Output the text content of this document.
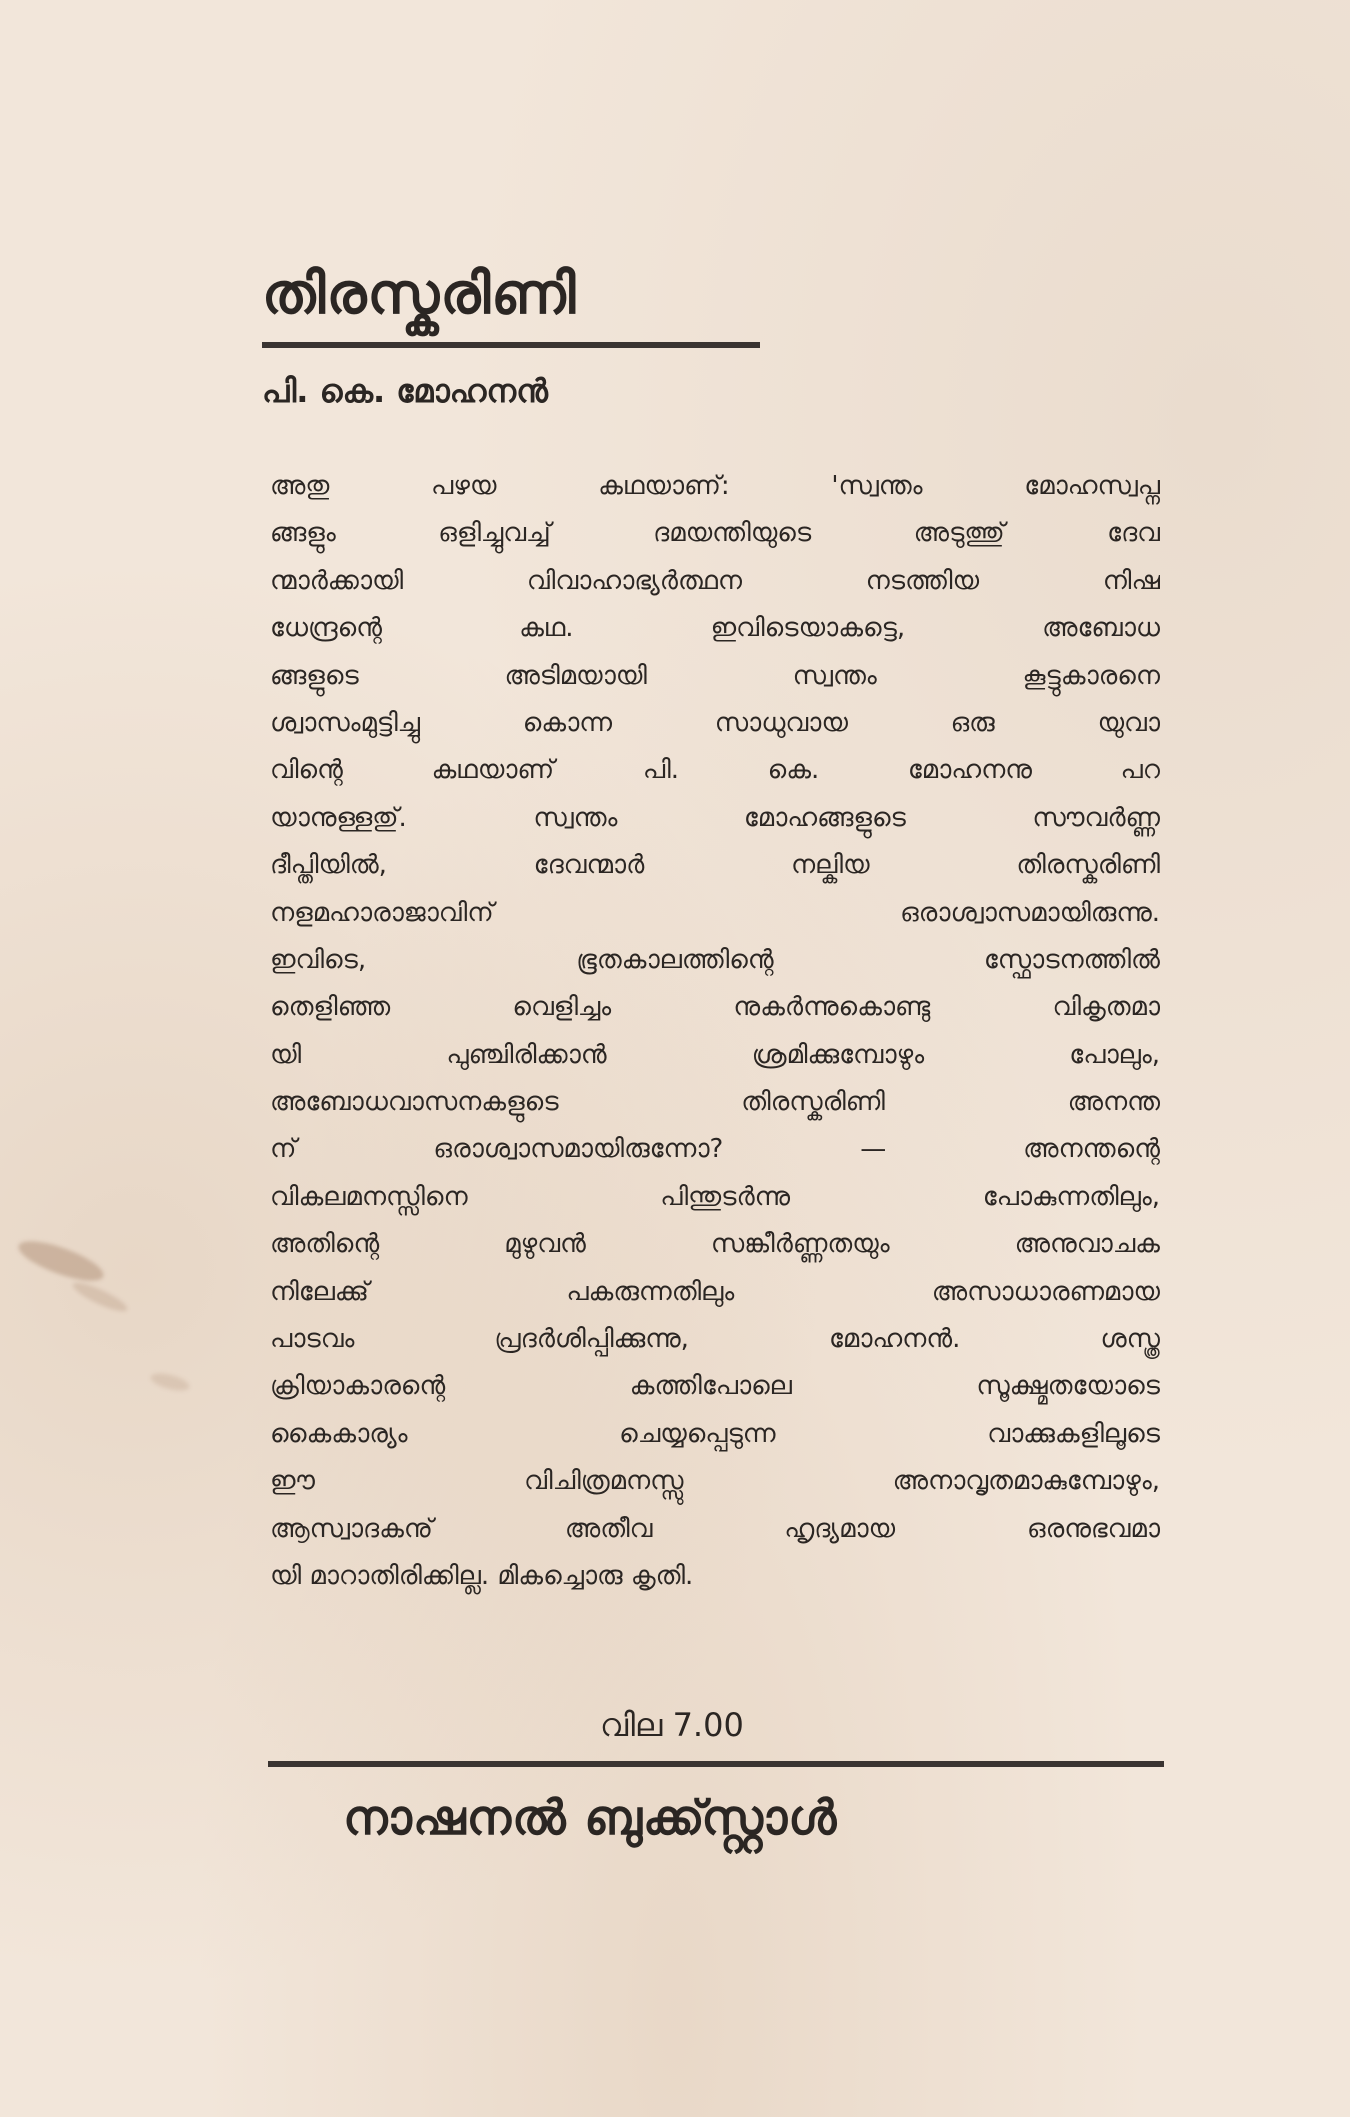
തിരസ്കരിണി
പി. കെ. മോഹനൻ
അതു പഴയ കഥയാണ്: 'സ്വന്തം മോഹസ്വപ്ന
ങ്ങളും ഒളിച്ചുവച്ച് ദമയന്തിയുടെ അടുത്തു് ദേവ
ന്മാർക്കായി വിവാഹാഭ്യർത്ഥന നടത്തിയ നിഷ
ധേന്ദ്രന്റെ കഥ. ഇവിടെയാകട്ടെ, അബോധ
ങ്ങളുടെ അടിമയായി സ്വന്തം കൂട്ടുകാരനെ
ശ്വാസംമുട്ടിച്ചു കൊന്ന സാധുവായ ഒരു യുവാ
വിന്റെ കഥയാണ് പി. കെ. മോഹനനു പറ
യാനുള്ളതു്. സ്വന്തം മോഹങ്ങളുടെ സൗവർണ്ണ
ദീപ്തിയിൽ, ദേവന്മാർ നല്കിയ തിരസ്കരിണി
നളമഹാരാജാവിന് ഒരാശ്വാസമായിരുന്നു.
ഇവിടെ, ഭൂതകാലത്തിന്റെ സ്ഫോടനത്തിൽ
തെളിഞ്ഞ വെളിച്ചം നുകർന്നുകൊണ്ടു വികൃതമാ
യി പുഞ്ചിരിക്കാൻ ശ്രമിക്കുമ്പോഴും പോലും,
അബോധവാസനകളുടെ തിരസ്കരിണി അനന്ത
ന് ഒരാശ്വാസമായിരുന്നോ? — അനന്തന്റെ
വികലമനസ്സിനെ പിന്തുടർന്നു പോകുന്നതിലും,
അതിന്റെ മുഴുവൻ സങ്കീർണ്ണതയും അനുവാചക
നിലേക്കു് പകരുന്നതിലും അസാധാരണമായ
പാടവം പ്രദർശിപ്പിക്കുന്നു, മോഹനൻ. ശസ്ത്ര
ക്രിയാകാരന്റെ കത്തിപോലെ സൂക്ഷ്മതയോടെ
കൈകാര്യം ചെയ്യപ്പെടുന്ന വാക്കുകളിലൂടെ
ഈ വിചിത്രമനസ്സു അനാവൃതമാകുമ്പോഴും,
ആസ്വാദകനു് അതീവ ഹൃദ്യമായ ഒരനുഭവമാ
യി മാറാതിരിക്കില്ല. മികച്ചൊരു കൃതി.
വില 7.00
നാഷനൽ ബുക്ക്സ്റ്റാൾ
